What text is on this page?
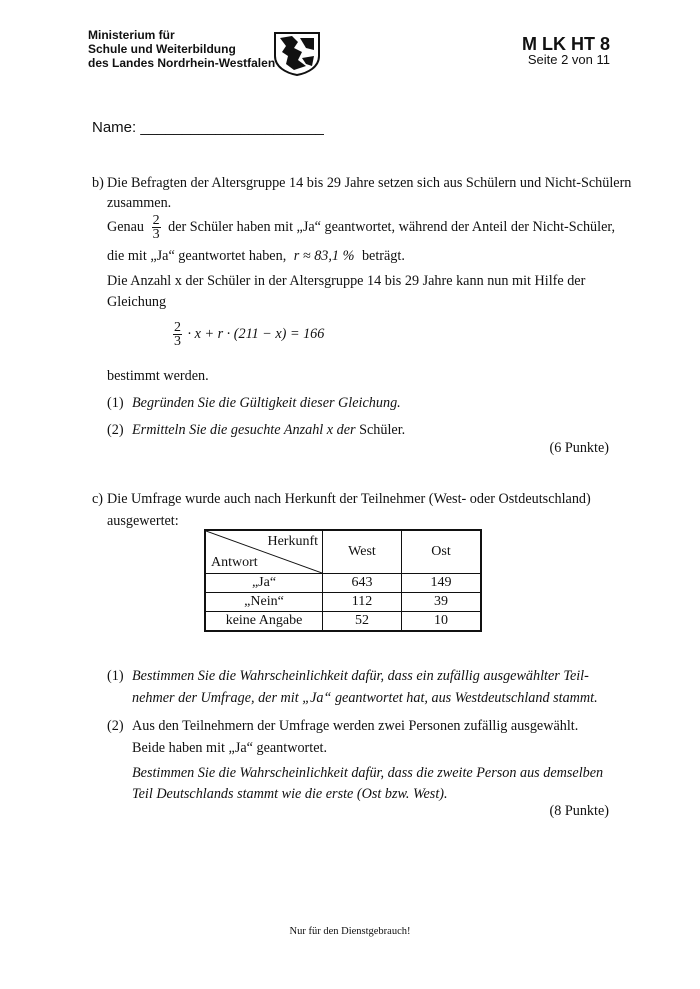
Ministerium für
Schule und Weiterbildung
des Landes Nordrhein-Westfalen
M LK HT 8
Seite 2 von 11
Name: ______________________
b) Die Befragten der Altersgruppe 14 bis 29 Jahre setzen sich aus Schülern und Nicht-Schülern
zusammen.
Genau $\frac{2}{3}$ der Schüler haben mit „Ja“ geantwortet, während der Anteil der Nicht-Schüler,
die mit „Ja“ geantwortet haben, r ≈ 83,1 % beträgt.
Die Anzahl x der Schüler in der Altersgruppe 14 bis 29 Jahre kann nun mit Hilfe der
Gleichung
$\frac{2}{3} \cdot x + r \cdot (211 - x) = 166$
bestimmt werden.
(1) Begründen Sie die Gültigkeit dieser Gleichung.
(2) Ermitteln Sie die gesuchte Anzahl x der Schüler.
(6 Punkte)
c) Die Umfrage wurde auch nach Herkunft der Teilnehmer (West- oder Ostdeutschland)
ausgewertet:
Herkunft
Antwort	West	Ost
„Ja“	643	149
„Nein“	112	39
keine Angabe	52	10
(1) Bestimmen Sie die Wahrscheinlichkeit dafür, dass ein zufällig ausgewählter Teil-
nehmer der Umfrage, der mit „Ja“ geantwortet hat, aus Westdeutschland stammt.
(2) Aus den Teilnehmern der Umfrage werden zwei Personen zufällig ausgewählt.
Beide haben mit „Ja“ geantwortet.
Bestimmen Sie die Wahrscheinlichkeit dafür, dass die zweite Person aus demselben
Teil Deutschlands stammt wie die erste (Ost bzw. West).
(8 Punkte)
Nur für den Dienstgebrauch!
